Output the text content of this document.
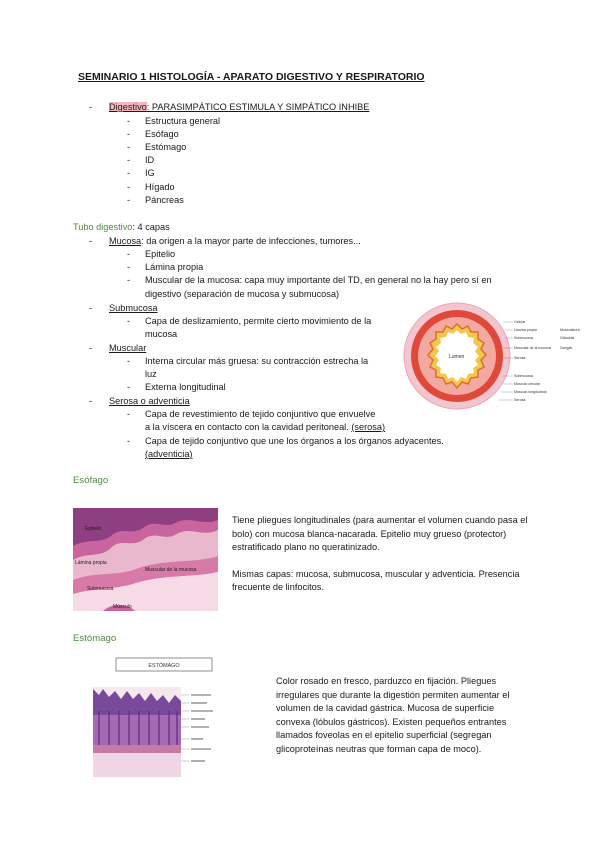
SEMINARIO 1 HISTOLOGÍA - APARATO DIGESTIVO Y RESPIRATORIO
- Digestivo: PARASIMPÁTICO ESTIMULA Y SIMPÁTICO INHIBE
- Estructura general
- Esófago
- Estómago
- ID
- IG
- Hígado
- Páncreas
Tubo digestivo: 4 capas
- Mucosa: da origen a la mayor parte de infecciones, tumores...
- Epitelio
- Lámina propia
- Muscular de la mucosa: capa muy importante del TD, en general no la hay pero sí en
digestivo (separación de mucosa y submucosa)
- Submucosa
- Capa de deslizamiento, permite cierto movimiento de la
mucosa
- Muscular
- Interna circular más gruesa: su contracción estrecha la
luz
- Externa longitudinal
- Serosa o adventicia
- Capa de revestimiento de tejido conjuntivo que envuelve
a la víscera en contacto con la cavidad peritoneal. (serosa)
- Capa de tejido conjuntivo que une los órganos a los órganos adyacentes.
(adventicia)
Lumen
Celular
Lámina propia
Submucosa
Muscular de la mucosa
Serosa
Musculatura
Glándula
Ganglio
Submucosa
Músculo circular
Músculo longitudinal
Serosa
Esófago
Epitelio
Lámina propia
Muscular de la mucosa
Submucosa
Músculo

Tiene pliegues longitudinales (para aumentar el volumen cuando pasa el bolo) con mucosa blanca-nacarada. Epitelio muy grueso (protector) estratificado plano no queratinizado.

Mismas capas: mucosa, submucosa, muscular y adventicia. Presencia frecuente de linfocitos.

Estómago
ESTÓMAGO

Color rosado en fresco, parduzco en fijación. Pliegues irregulares que durante la digestión permiten aumentar el volumen de la cavidad gástrica. Mucosa de superficie convexa (lóbulos gástricos). Existen pequeños entrantes llamados foveolas en el epitelio superficial (segregan glicoproteínas neutras que forman capa de moco).
